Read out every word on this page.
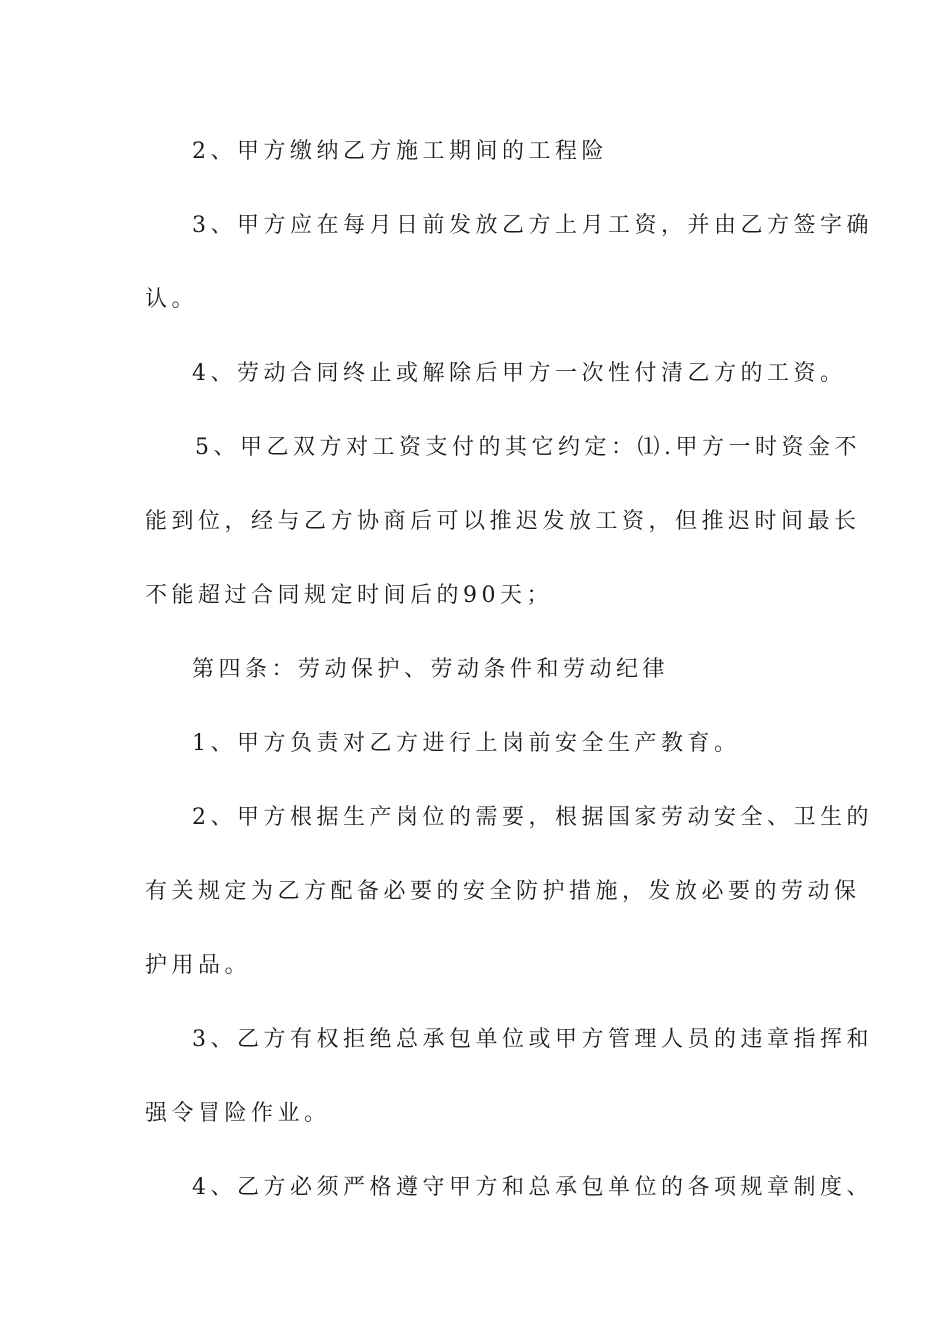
2、甲方缴纳乙方施工期间的工程险
3、甲方应在每月日前发放乙方上月工资，并由乙方签字确
认。
4、劳动合同终止或解除后甲方一次性付清乙方的工资。
5、甲乙双方对工资支付的其它约定：⑴.甲方一时资金不
能到位，经与乙方协商后可以推迟发放工资，但推迟时间最长
不能超过合同规定时间后的90天；
第四条：劳动保护、劳动条件和劳动纪律
1、甲方负责对乙方进行上岗前安全生产教育。
2、甲方根据生产岗位的需要，根据国家劳动安全、卫生的
有关规定为乙方配备必要的安全防护措施，发放必要的劳动保
护用品。
3、乙方有权拒绝总承包单位或甲方管理人员的违章指挥和
强令冒险作业。
4、乙方必须严格遵守甲方和总承包单位的各项规章制度、
